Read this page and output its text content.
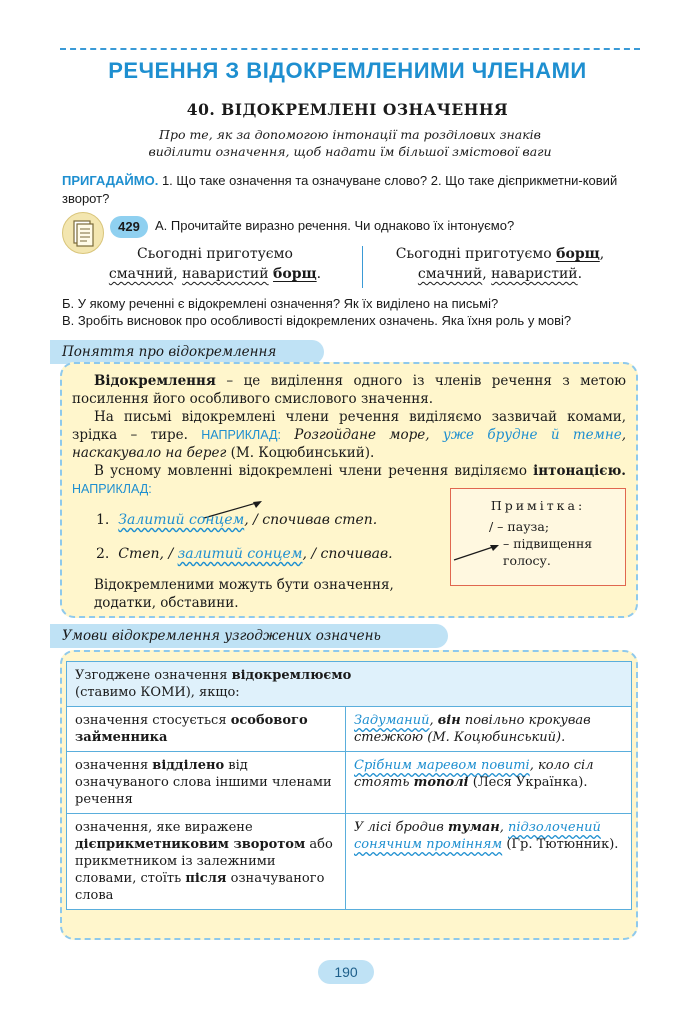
РЕЧЕННЯ З ВІДОКРЕМЛЕНИМИ ЧЛЕНАМИ
40. ВІДОКРЕМЛЕНІ ОЗНАЧЕННЯ
Про те, як за допомогою інтонації та розділових знаків
виділити означення, щоб надати їм більшої змістової ваги
ПРИГАДАЙМО. 1. Що таке означення та означуване слово? 2. Що таке дієприкметни-ковий зворот?
429	А. Прочитайте виразно речення. Чи однаково їх інтонуємо?
Сьогодні приготуємо
смачний, наваристий борщ.
Сьогодні приготуємо борщ,
смачний, наваристий.
Б. У якому реченні є відокремлені означення? Як їх виділено на письмі?
В. Зробіть висновок про особливості відокремлених означень. Яка їхня роль у мові?
Поняття про відокремлення
Відокремлення – це виділення одного із членів речення з метою посилення його особливого смислового значення.
На письмі відокремлені члени речення виділяємо зазвичай комами, зрідка – тире. НАПРИКЛАД: Розгойдане море, уже брудне й темне, наскакувало на берег (М. Коцюбинський).
В усному мовленні відокремлені члени речення виділяємо інтонацією. НАПРИКЛАД:
1. Залитий сонцем, / спочивав степ.
2. Степ, / залитий сонцем, / спочивав.
Відокремленими можуть бути означення, додатки, обставини.
Примітка:
/ – пауза;
– підвищення голосу.
Умови відокремлення узгоджених означень
Узгоджене означення відокремлюємо
(ставимо КОМИ), якщо:	
означення стосується особового займенника	Задуманий, він повільно крокував стежкою (М. Коцюбинський).
означення відділено від означуваного слова іншими членами речення	Срібним маревом повиті, коло сіл стоять тополі (Леся Українка).
означення, яке виражене дієприкметниковим зворотом або прикметником із залежними словами, стоїть після означуваного слова	У лісі бродив туман, підзолочений сонячним промінням (Гр. Тютюнник).
190
